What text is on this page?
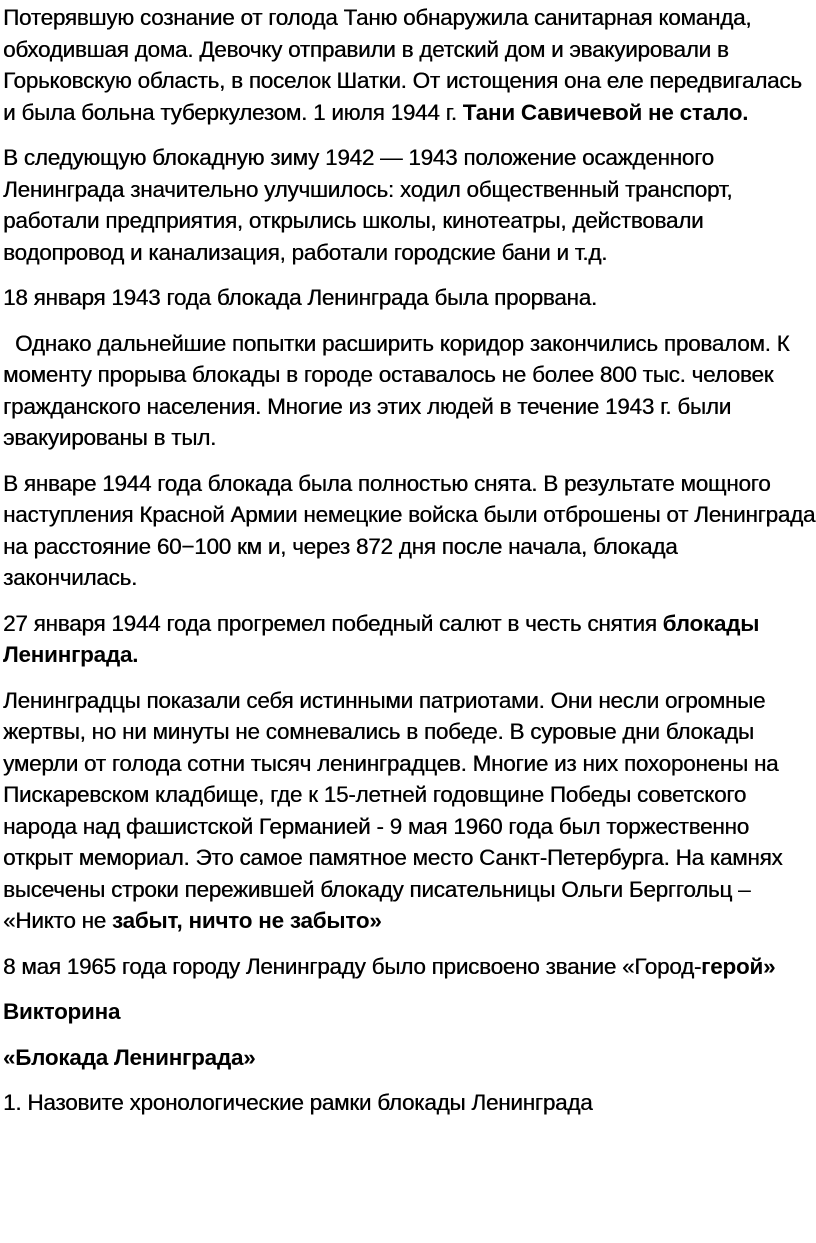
Потерявшую сознание от голода Таню обнаружила санитарная команда, обходившая дома. Девочку отправили в детский дом и эвакуировали в Горьковскую область, в поселок Шатки. От истощения она еле передвигалась и была больна туберкулезом. 1 июля 1944 г. Тани Савичевой не стало.

В следующую блокадную зиму 1942 — 1943 положение осажденного Ленинграда значительно улучшилось: ходил общественный транспорт, работали предприятия, открылись школы, кинотеатры, действовали водопровод и канализация, работали городские бани и т.д.

18 января 1943 года блокада Ленинграда была прорвана.

Однако дальнейшие попытки расширить коридор закончились провалом. К моменту прорыва блокады в городе оставалось не более 800 тыс. человек гражданского населения. Многие из этих людей в течение 1943 г. были эвакуированы в тыл.

В январе 1944 года блокада была полностью снята. В результате мощного наступления Красной Армии немецкие войска были отброшены от Ленинграда на расстояние 60−100 км и, через 872 дня после начала, блокада закончилась.

27 января 1944 года прогремел победный салют в честь снятия блокады Ленинграда.

Ленинградцы показали себя истинными патриотами. Они несли огромные жертвы, но ни минуты не сомневались в победе. В суровые дни блокады умерли от голода сотни тысяч ленинградцев. Многие из них похоронены на Пискаревском кладбище, где к 15-летней годовщине Победы советского народа над фашистской Германией - 9 мая 1960 года был торжественно открыт мемориал. Это самое памятное место Санкт-Петербурга. На камнях высечены строки пережившей блокаду писательницы Ольги Берггольц – «Никто не забыт, ничто не забыто»

8 мая 1965 года городу Ленинграду было присвоено звание «Город-герой»

Викторина

«Блокада Ленинграда»

1. Назовите хронологические рамки блокады Ленинграда
